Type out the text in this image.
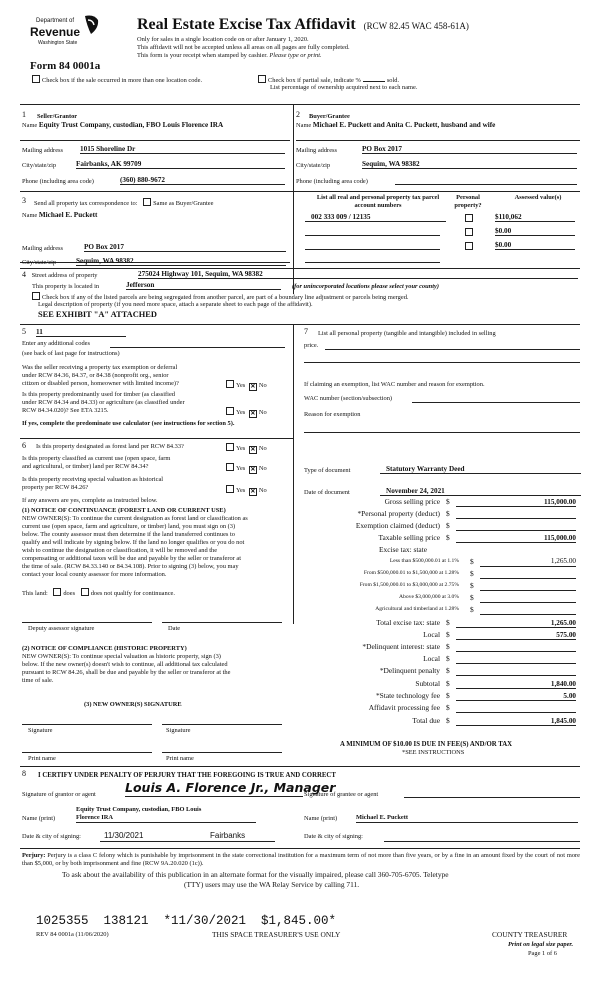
Department of
Revenue
Washington State
Form 84 0001a
Real Estate Excise Tax Affidavit (RCW 82.45 WAC 458-61A)
Only for sales in a single location code on or after January 1, 2020.
This affidavit will not be accepted unless all areas on all pages are fully completed.
This form is your receipt when stamped by cashier. Please type or print.
Check box if the sale occurred in more than one location code.	Check box if partial sale, indicate %	sold.
List percentage of ownership acquired next to each name.
1 Seller/Grantor
Name Equity Trust Company, custodian, FBO Louis Florence IRA
Mailing address 1015 Shoreline Dr
City/state/zip	Fairbanks, AK 99709
Phone (including area code)	(360) 880-9672
2 Buyer/Grantee
Name Michael E. Puckett and Anita C. Puckett, husband and wife
Mailing address	PO Box 2017
City/state/zip	Sequim, WA 98382
Phone (including area code)
3 Send all property tax correspondence to: Same as Buyer/Grantee
Name Michael E. Puckett
Mailing address	PO Box 2017
City/state/zip	Sequim, WA 98382
List all real and personal property tax parcel account numbers
Personal property?
Assessed value(s)
002 333 009 / 12135	$110,062
$0.00
$0.00
4 Street address of property	275024 Highway 101, Sequim, WA 98382
This property is located in	Jefferson	(for unincorporated locations please select your county)
Check box if any of the listed parcels are being segregated from another parcel, are part of a boundary line adjustment or parcels being merged.
Legal description of property (if you need more space, attach a separate sheet to each page of the affidavit).
SEE EXHIBIT "A" ATTACHED
5 11
Enter any additional codes
(see back of last page for instructions)
Was the seller receiving a property tax exemption or deferral
under RCW 84.36, 84.37, or 84.38 (nonprofit org., senior
citizen or disabled person, homeowner with limited income)?	Yes ✕ No
Is this property predominantly used for timber (as classified
under RCW 84.34 and 84.33) or agriculture (as classified under
RCW 84.34.020)? See ETA 3215.	Yes ✕ No
If yes, complete the predominate use calculator (see instructions for section 5).
7 List all personal property (tangible and intangible) included in selling
price.
If claiming an exemption, list WAC number and reason for exemption.
WAC number (section/subsection)
Reason for exemption
6 Is this property designated as forest land per RCW 84.33?	Yes ✕ No
Is this property classified as current use (open space, farm
and agricultural, or timber) land per RCW 84.34?	Yes ✕ No
Is this property receiving special valuation as historical
property per RCW 84.26?	Yes ✕ No
If any answers are yes, complete as instructed below.
(1) NOTICE OF CONTINUANCE (FOREST LAND OR CURRENT USE)
NEW OWNER(S): To continue the current designation as forest land or classification as
current use (open space, farm and agriculture, or timber) land, you must sign on (3)
below. The county assessor must then determine if the land transferred continues to
qualify and will indicate by signing below. If the land no longer qualifies or you do not
wish to continue the designation or classification, it will be removed and the
compensating or additional taxes will be due and payable by the seller or transferor at
the time of sale. (RCW 84.33.140 or 84.34.108). Prior to signing (3) below, you may
contact your local county assessor for more information.
This land: does does not qualify for continuance.
Deputy assessor signature	Date
(2) NOTICE OF COMPLIANCE (HISTORIC PROPERTY)
NEW OWNER(S): To continue special valuation as historic property, sign (3)
below. If the new owner(s) doesn't wish to continue, all additional tax calculated
pursuant to RCW 84.26, shall be due and payable by the seller or transferor at the
time of sale.
(3) NEW OWNER(S) SIGNATURE
Signature	Signature
Print name	Print name
Type of document	Statutory Warranty Deed
Date of document	November 24, 2021
Gross selling price $	115,000.00
*Personal property (deduct) $
Exemption claimed (deduct) $
Taxable selling price $	115,000.00
Excise tax: state
Less than $500,000.01 at 1.1% $	1,265.00
From $500,000.01 to $1,500,000 at 1.28% $
From $1,500,000.01 to $3,000,000 at 2.75% $
Above $3,000,000 at 3.0% $
Agricultural and timberland at 1.28% $
Total excise tax: state $	1,265.00
Local $	575.00
*Delinquent interest: state $
Local $
*Delinquent penalty $
Subtotal $	1,840.00
*State technology fee $	5.00
Affidavit processing fee $
Total due $	1,845.00
A MINIMUM OF $10.00 IS DUE IN FEE(S) AND/OR TAX
*SEE INSTRUCTIONS
8 I CERTIFY UNDER PENALTY OF PERJURY THAT THE FOREGOING IS TRUE AND CORRECT
Signature of grantor or agent Louis A. Florence Jr., Manager
Signature of grantee or agent
Equity Trust Company, custodian, FBO Louis
Name (print)	Florence IRA	Name (print)	Michael E. Puckett
Date & city of signing:	11/30/2021	Fairbanks	Date & city of signing:
Perjury: Perjury is a class C felony which is punishable by imprisonment in the state correctional institution for a maximum term of not more than five years, or by a fine in an amount fixed by the court of not more than $5,000, or by both imprisonment and fine (RCW 9A.20.020 (1c)).
To ask about the availability of this publication in an alternate format for the visually impaired, please call 360-705-6705. Teletype
(TTY) users may use the WA Relay Service by calling 711.
1025355  138121  *11/30/2021  $1,845.00*
REV 84 0001a (11/06/2020)	THIS SPACE TREASURER'S USE ONLY	COUNTY TREASURER
Print on legal size paper.
Page 1 of 6
